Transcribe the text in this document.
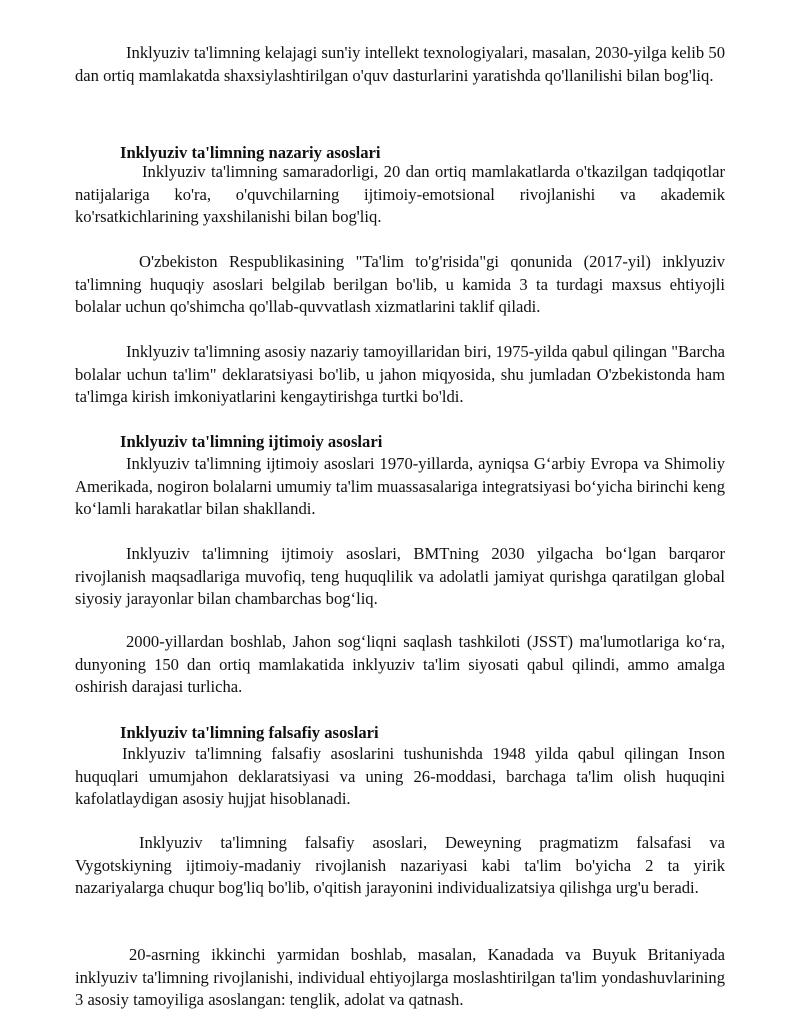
Inklyuziv ta'limning kelajagi sun'iy intellekt texnologiyalari, masalan, 2030-yilga kelib 50 dan ortiq mamlakatda shaxsiylashtirilgan o'quv dasturlarini yaratishda qo'llanilishi bilan bog'liq.

Inklyuziv ta'limning nazariy asoslari

Inklyuziv ta'limning samaradorligi, 20 dan ortiq mamlakatlarda o'tkazilgan tadqiqotlar natijalariga ko'ra, o'quvchilarning ijtimoiy-emotsional rivojlanishi va akademik ko'rsatkichlarining yaxshilanishi bilan bog'liq.

O'zbekiston Respublikasining "Ta'lim to'g'risida"gi qonunida (2017-yil) inklyuziv ta'limning huquqiy asoslari belgilab berilgan bo'lib, u kamida 3 ta turdagi maxsus ehtiyojli bolalar uchun qo'shimcha qo'llab-quvvatlash xizmatlarini taklif qiladi.

Inklyuziv ta'limning asosiy nazariy tamoyillaridan biri, 1975-yilda qabul qilingan "Barcha bolalar uchun ta'lim" deklaratsiyasi bo'lib, u jahon miqyosida, shu jumladan O'zbekistonda ham ta'limga kirish imkoniyatlarini kengaytirishga turtki bo'ldi.

Inklyuziv ta'limning ijtimoiy asoslari

Inklyuziv ta'limning ijtimoiy asoslari 1970-yillarda, ayniqsa G‘arbiy Evropa va Shimoliy Amerikada, nogiron bolalarni umumiy ta'lim muassasalariga integratsiyasi bo‘yicha birinchi keng ko‘lamli harakatlar bilan shakllandi.

Inklyuziv ta'limning ijtimoiy asoslari, BMTning 2030 yilgacha bo‘lgan barqaror rivojlanish maqsadlariga muvofiq, teng huquqlilik va adolatli jamiyat qurishga qaratilgan global siyosiy jarayonlar bilan chambarchas bog‘liq.

2000-yillardan boshlab, Jahon sog‘liqni saqlash tashkiloti (JSST) ma'lumotlariga ko‘ra, dunyoning 150 dan ortiq mamlakatida inklyuziv ta'lim siyosati qabul qilindi, ammo amalga oshirish darajasi turlicha.

Inklyuziv ta'limning falsafiy asoslari

Inklyuziv ta'limning falsafiy asoslarini tushunishda 1948 yilda qabul qilingan Inson huquqlari umumjahon deklaratsiyasi va uning 26-moddasi, barchaga ta'lim olish huquqini kafolatlaydigan asosiy hujjat hisoblanadi.

Inklyuziv ta'limning falsafiy asoslari, Deweyning pragmatizm falsafasi va Vygotskiyning ijtimoiy-madaniy rivojlanish nazariyasi kabi ta'lim bo'yicha 2 ta yirik nazariyalarga chuqur bog'liq bo'lib, o'qitish jarayonini individualizatsiya qilishga urg'u beradi.

20-asrning ikkinchi yarmidan boshlab, masalan, Kanadada va Buyuk Britaniyada inklyuziv ta'limning rivojlanishi, individual ehtiyojlarga moslashtirilgan ta'lim yondashuvlarining 3 asosiy tamoyiliga asoslangan: tenglik, adolat va qatnash.
